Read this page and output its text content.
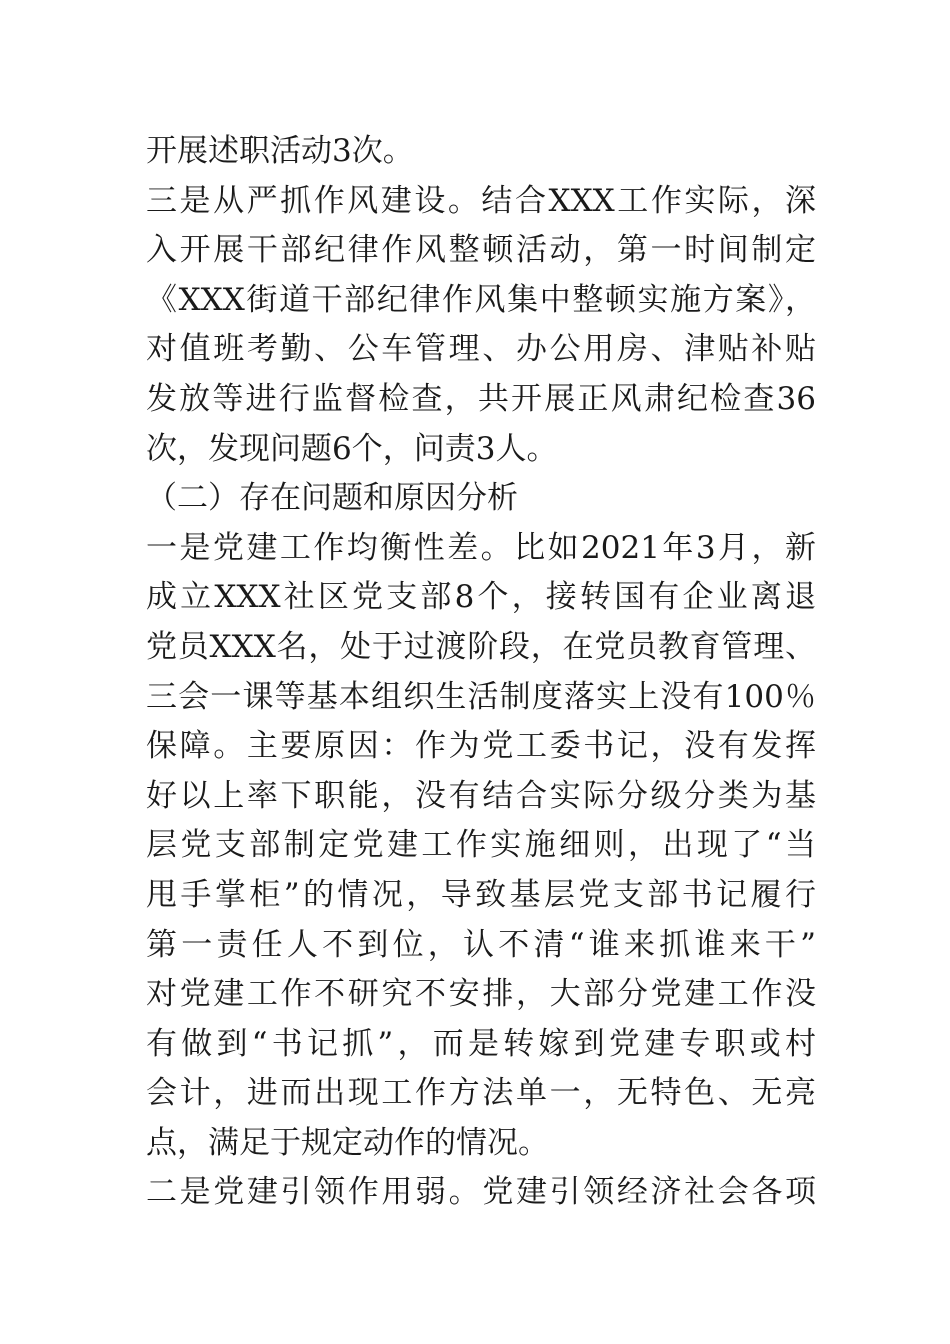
开展述职活动3次。
三是从严抓作风建设。结合XXX工作实际，深
入开展干部纪律作风整顿活动，第一时间制定
《XXX街道干部纪律作风集中整顿实施方案》，
对值班考勤、公车管理、办公用房、津贴补贴
发放等进行监督检查，共开展正风肃纪检查36
次，发现问题6个，问责3人。
（二）存在问题和原因分析
一是党建工作均衡性差。比如2021年3月，新
成立XXX社区党支部8个，接转国有企业离退
党员XXX名，处于过渡阶段，在党员教育管理、
三会一课等基本组织生活制度落实上没有100％
保障。主要原因：作为党工委书记，没有发挥
好以上率下职能，没有结合实际分级分类为基
层党支部制定党建工作实施细则，出现了“当
甩手掌柜”的情况，导致基层党支部书记履行
第一责任人不到位，认不清“谁来抓谁来干”
对党建工作不研究不安排，大部分党建工作没
有做到“书记抓”，而是转嫁到党建专职或村
会计，进而出现工作方法单一，无特色、无亮
点，满足于规定动作的情况。
二是党建引领作用弱。党建引领经济社会各项
